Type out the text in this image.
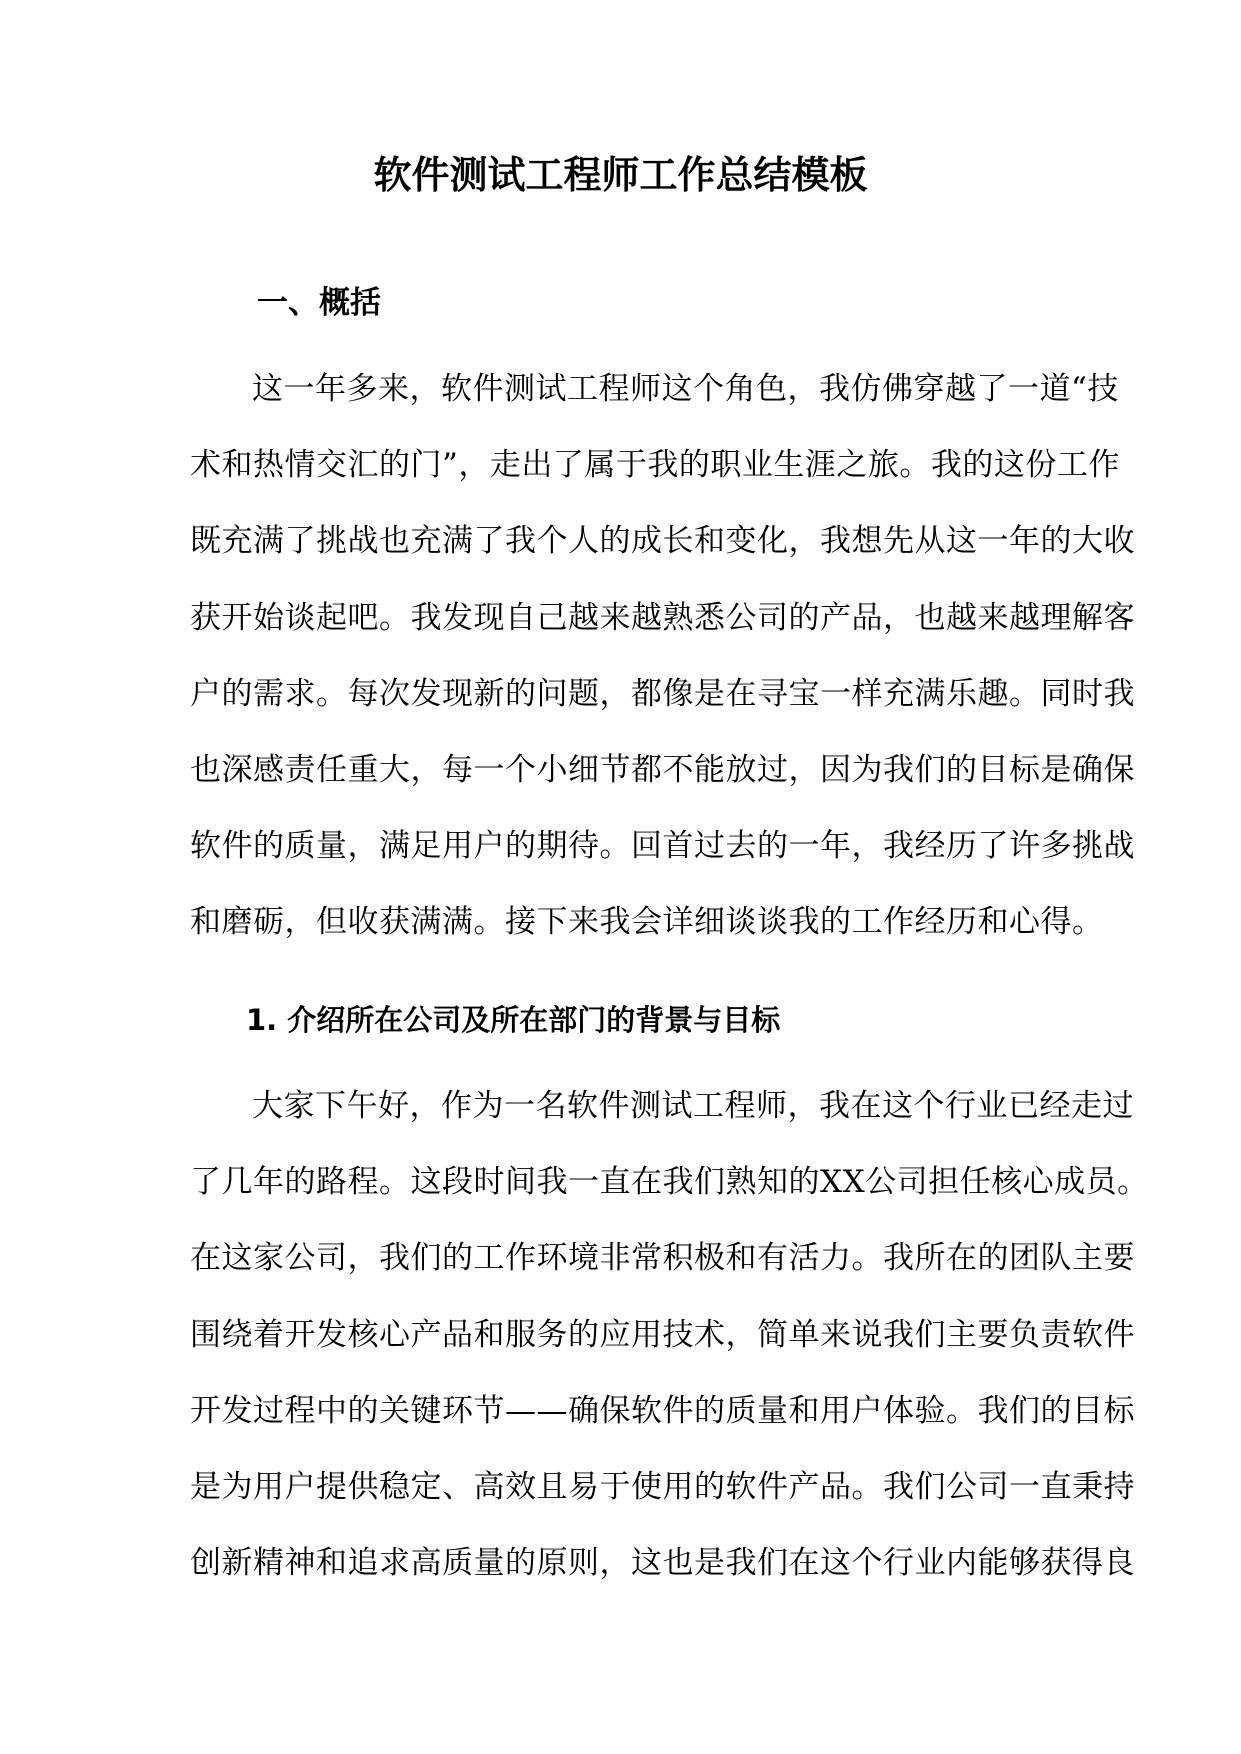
软件测试工程师工作总结模板
一、概括

这一年多来，软件测试工程师这个角色，我仿佛穿越了一道“技
术和热情交汇的门”，走出了属于我的职业生涯之旅。我的这份工作
既充满了挑战也充满了我个人的成长和变化，我想先从这一年的大收
获开始谈起吧。我发现自己越来越熟悉公司的产品，也越来越理解客
户的需求。每次发现新的问题，都像是在寻宝一样充满乐趣。同时我
也深感责任重大，每一个小细节都不能放过，因为我们的目标是确保
软件的质量，满足用户的期待。回首过去的一年，我经历了许多挑战
和磨砺，但收获满满。接下来我会详细谈谈我的工作经历和心得。

1. 介绍所在公司及所在部门的背景与目标

大家下午好，作为一名软件测试工程师，我在这个行业已经走过
了几年的路程。这段时间我一直在我们熟知的XX公司担任核心成员。
在这家公司，我们的工作环境非常积极和有活力。我所在的团队主要
围绕着开发核心产品和服务的应用技术，简单来说我们主要负责软件
开发过程中的关键环节——确保软件的质量和用户体验。我们的目标
是为用户提供稳定、高效且易于使用的软件产品。我们公司一直秉持
创新精神和追求高质量的原则，这也是我们在这个行业内能够获得良
